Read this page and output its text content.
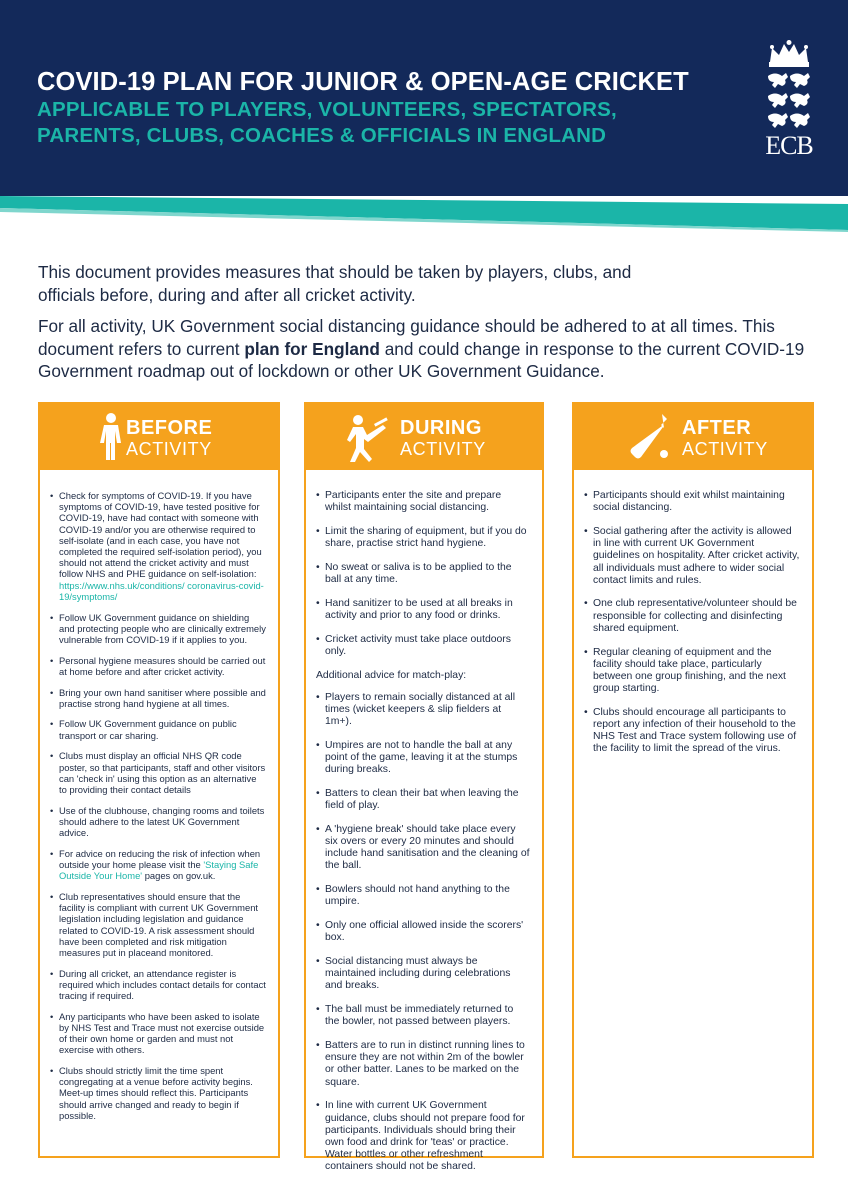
COVID-19 PLAN FOR JUNIOR & OPEN-AGE CRICKET

APPLICABLE TO PLAYERS, VOLUNTEERS, SPECTATORS,

PARENTS, CLUBS, COACHES & OFFICIALS IN ENGLAND	ECB

This document provides measures that should be taken by players, clubs, and officials before, during and after all cricket activity.

For all activity, UK Government social distancing guidance should be adhered to at all times. This document refers to current plan for England and could change in response to the current COVID-19 Government roadmap out of lockdown or other UK Government Guidance.

BEFORE
ACTIVITY
• Check for symptoms of COVID-19. If you have symptoms of COVID-19, have tested positive for COVID-19, have had contact with someone with COVID-19 and/or you are otherwise required to self-isolate (and in each case, you have not completed the required self-isolation period), you should not attend the cricket activity and must follow NHS and PHE guidance on self-isolation:
https://www.nhs.uk/conditions/ coronavirus-covid-19/symptoms/
• Follow UK Government guidance on shielding and protecting people who are clinically extremely vulnerable from COVID-19 if it applies to you.
• Personal hygiene measures should be carried out at home before and after cricket activity.
• Bring your own hand sanitiser where possible and practise strong hand hygiene at all times.
• Follow UK Government guidance on public transport or car sharing.
• Clubs must display an official NHS QR code poster, so that participants, staff and other visitors can 'check in' using this option as an alternative to providing their contact details
• Use of the clubhouse, changing rooms and toilets should adhere to the latest UK Government advice.
• For advice on reducing the risk of infection when outside your home please visit the 'Staying Safe Outside Your Home' pages on gov.uk.
• Club representatives should ensure that the facility is compliant with current UK Government legislation including legislation and guidance related to COVID-19. A risk assessment should have been completed and risk mitigation measures put in placeand monitored.
• During all cricket, an attendance register is required which includes contact details for contact tracing if required.
• Any participants who have been asked to isolate by NHS Test and Trace must not exercise outside of their own home or garden and must not exercise with others.
• Clubs should strictly limit the time spent congregating at a venue before activity begins. Meet-up times should reflect this. Participants should arrive changed and ready to begin if possible.
DURING
ACTIVITY
• Participants enter the site and prepare whilst maintaining social distancing.
• Limit the sharing of equipment, but if you do share, practise strict hand hygiene.
• No sweat or saliva is to be applied to the ball at any time.
• Hand sanitizer to be used at all breaks in activity and prior to any food or drinks.
• Cricket activity must take place outdoors only.
Additional advice for match-play:
• Players to remain socially distanced at all times (wicket keepers & slip fielders at 1m+).
• Umpires are not to handle the ball at any point of the game, leaving it at the stumps during breaks.
• Batters to clean their bat when leaving the field of play.
• A 'hygiene break' should take place every six overs or every 20 minutes and should include hand sanitisation and the cleaning of the ball.
• Bowlers should not hand anything to the umpire.
• Only one official allowed inside the scorers' box.
• Social distancing must always be maintained including during celebrations and breaks.
• The ball must be immediately returned to the bowler, not passed between players.
• Batters are to run in distinct running lines to ensure they are not within 2m of the bowler or other batter. Lanes to be marked on the square.
• In line with current UK Government guidance, clubs should not prepare food for participants. Individuals should bring their own food and drink for 'teas' or practice. Water bottles or other refreshment containers should not be shared.
AFTER
ACTIVITY
• Participants should exit whilst maintaining social distancing.
• Social gathering after the activity is allowed in line with current UK Government guidelines on hospitality. After cricket activity, all individuals must adhere to wider social contact limits and rules.
• One club representative/volunteer should be responsible for collecting and disinfecting shared equipment.
• Regular cleaning of equipment and the facility should take place, particularly between one group finishing, and the next group starting.
• Clubs should encourage all participants to report any infection of their household to the NHS Test and Trace system following use of the facility to limit the spread of the virus.
